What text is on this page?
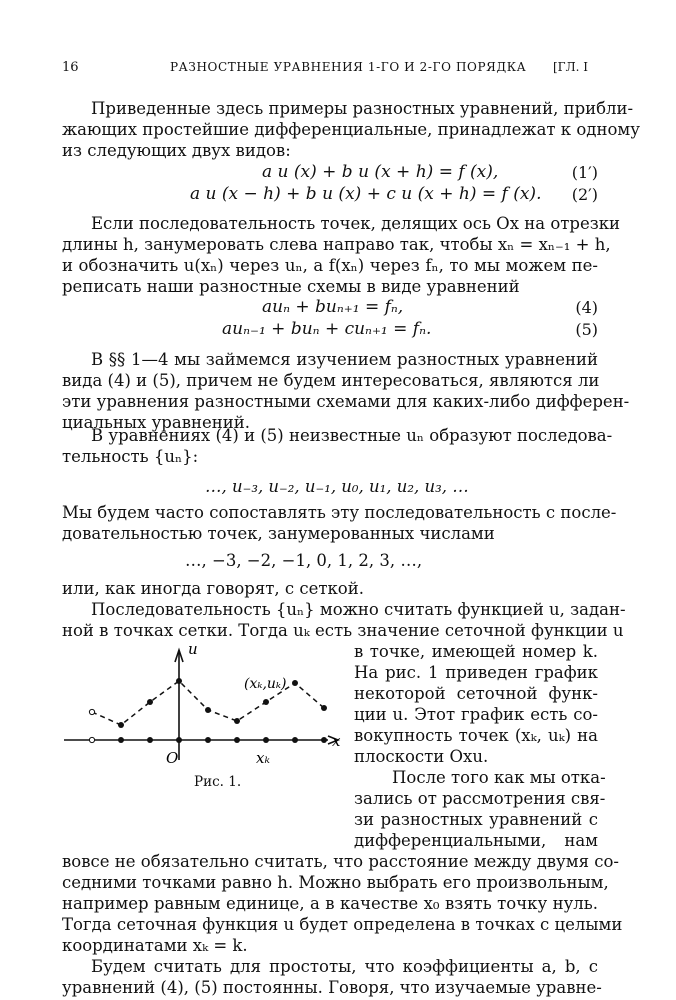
16	РАЗНОСТНЫЕ УРАВНЕНИЯ 1-ГО И 2-ГО ПОРЯДКА [ГЛ. I
Приведенные здесь примеры разностных уравнений, прибли-
жающих простейшие дифференциальные, принадлежат к одному
из следующих двух видов:
a u (x) + b u (x + h) = f (x),	(1′)
a u (x − h) + b u (x) + c u (x + h) = f (x). (2′)
Если последовательность точек, делящих ось Ox на отрезки
длины h, занумеровать слева направо так, чтобы xₙ = xₙ₋₁ + h,
и обозначить u(xₙ) через uₙ, а f(xₙ) через fₙ, то мы можем пе-
реписать наши разностные схемы в виде уравнений
auₙ + buₙ₊₁ = fₙ,	(4)
auₙ₋₁ + buₙ + cuₙ₊₁ = fₙ.	(5)
В §§ 1—4 мы займемся изучением разностных уравнений
вида (4) и (5), причем не будем интересоваться, являются ли
эти уравнения разностными схемами для каких-либо дифферен-
циальных уравнений.
В уравнениях (4) и (5) неизвестные uₙ образуют последова-
тельность {uₙ}:
…, u₋₃, u₋₂, u₋₁, u₀, u₁, u₂, u₃, …
Мы будем часто сопоставлять эту последовательность с после-
довательностью точек, занумерованных числами
…, −3, −2, −1, 0, 1, 2, 3, …,
или, как иногда говорят, с сеткой.
Последовательность {uₙ} можно считать функцией u, задан-
ной в точках сетки. Тогда uₖ есть значение сеточной функции u
в точке, имеющей номер k.
На рис. 1 приведен график
некоторой сеточной функ-
ции u. Этот график есть со-
вокупность точек (xₖ, uₖ) на
плоскости Oxu.
После того как мы отка-
зались от рассмотрения свя-
зи разностных уравнений с
дифференциальными, нам
вовсе не обязательно считать, что расстояние между двумя со-
седними точками равно h. Можно выбрать его произвольным,
например равным единице, а в качестве x₀ взять точку нуль.
Тогда сеточная функция u будет определена в точках с целыми
координатами xₖ = k.
Будем считать для простоты, что коэффициенты a, b, c
u
x
O	xₖ
(xₖ,uₖ)
Рис. 1.
уравнений (4), (5) постоянны. Говоря, что изучаемые уравне-
